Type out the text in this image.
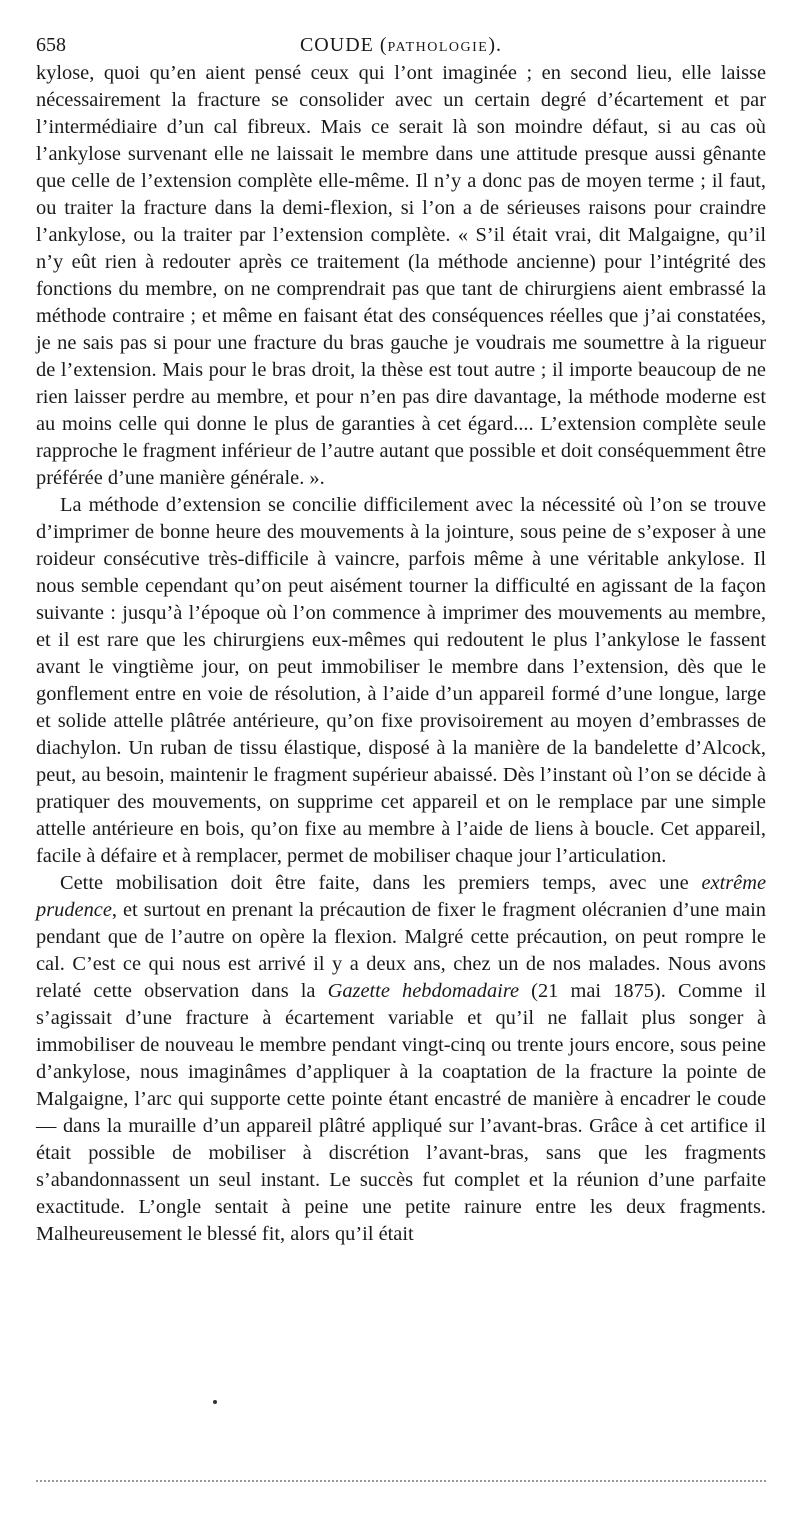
658	COUDE (PATHOLOGIE).

kylose, quoi qu’en aient pensé ceux qui l’ont imaginée ; en second lieu, elle laisse nécessairement la fracture se consolider avec un certain degré d’écartement et par l’intermédiaire d’un cal fibreux. Mais ce serait là son moindre défaut, si au cas où l’ankylose survenant elle ne laissait le membre dans une attitude presque aussi gênante que celle de l’extension complète elle-même. Il n’y a donc pas de moyen terme ; il faut, ou traiter la fracture dans la demi-flexion, si l’on a de sérieuses raisons pour craindre l’ankylose, ou la traiter par l’extension complète. « S’il était vrai, dit Malgaigne, qu’il n’y eût rien à redouter après ce traitement (la méthode ancienne) pour l’intégrité des fonctions du membre, on ne comprendrait pas que tant de chirurgiens aient embrassé la méthode contraire ; et même en faisant état des conséquences réelles que j’ai constatées, je ne sais pas si pour une fracture du bras gauche je voudrais me soumettre à la rigueur de l’extension. Mais pour le bras droit, la thèse est tout autre ; il importe beaucoup de ne rien laisser perdre au membre, et pour n’en pas dire davantage, la méthode moderne est au moins celle qui donne le plus de garanties à cet égard.... L’extension complète seule rapproche le fragment inférieur de l’autre autant que possible et doit conséquemment être préférée d’une manière générale. ».

La méthode d’extension se concilie difficilement avec la nécessité où l’on se trouve d’imprimer de bonne heure des mouvements à la jointure, sous peine de s’exposer à une roideur consécutive très-difficile à vaincre, parfois même à une véritable ankylose. Il nous semble cependant qu’on peut aisément tourner la difficulté en agissant de la façon suivante : jusqu’à l’époque où l’on commence à imprimer des mouvements au membre, et il est rare que les chirurgiens eux-mêmes qui redoutent le plus l’ankylose le fassent avant le vingtième jour, on peut immobiliser le membre dans l’extension, dès que le gonflement entre en voie de résolution, à l’aide d’un appareil formé d’une longue, large et solide attelle plâtrée antérieure, qu’on fixe provisoirement au moyen d’embrasses de diachylon. Un ruban de tissu élastique, disposé à la manière de la bandelette d’Alcock, peut, au besoin, maintenir le fragment supérieur abaissé. Dès l’instant où l’on se décide à pratiquer des mouvements, on supprime cet appareil et on le remplace par une simple attelle antérieure en bois, qu’on fixe au membre à l’aide de liens à boucle. Cet appareil, facile à défaire et à remplacer, permet de mobiliser chaque jour l’articulation.

Cette mobilisation doit être faite, dans les premiers temps, avec une extrême prudence, et surtout en prenant la précaution de fixer le fragment olécranien d’une main pendant que de l’autre on opère la flexion. Malgré cette précaution, on peut rompre le cal. C’est ce qui nous est arrivé il y a deux ans, chez un de nos malades. Nous avons relaté cette observation dans la Gazette hebdomadaire (21 mai 1875). Comme il s’agissait d’une fracture à écartement variable et qu’il ne fallait plus songer à immobiliser de nouveau le membre pendant vingt-cinq ou trente jours encore, sous peine d’ankylose, nous imaginâmes d’appliquer à la coaptation de la fracture la pointe de Malgaigne, l’arc qui supporte cette pointe étant encastré de manière à encadrer le coude — dans la muraille d’un appareil plâtré appliqué sur l’avant-bras. Grâce à cet artifice il était possible de mobiliser à discrétion l’avant-bras, sans que les fragments s’abandonnassent un seul instant. Le succès fut complet et la réunion d’une parfaite exactitude. L’ongle sentait à peine une petite rainure entre les deux fragments. Malheureusement le blessé fit, alors qu’il était
